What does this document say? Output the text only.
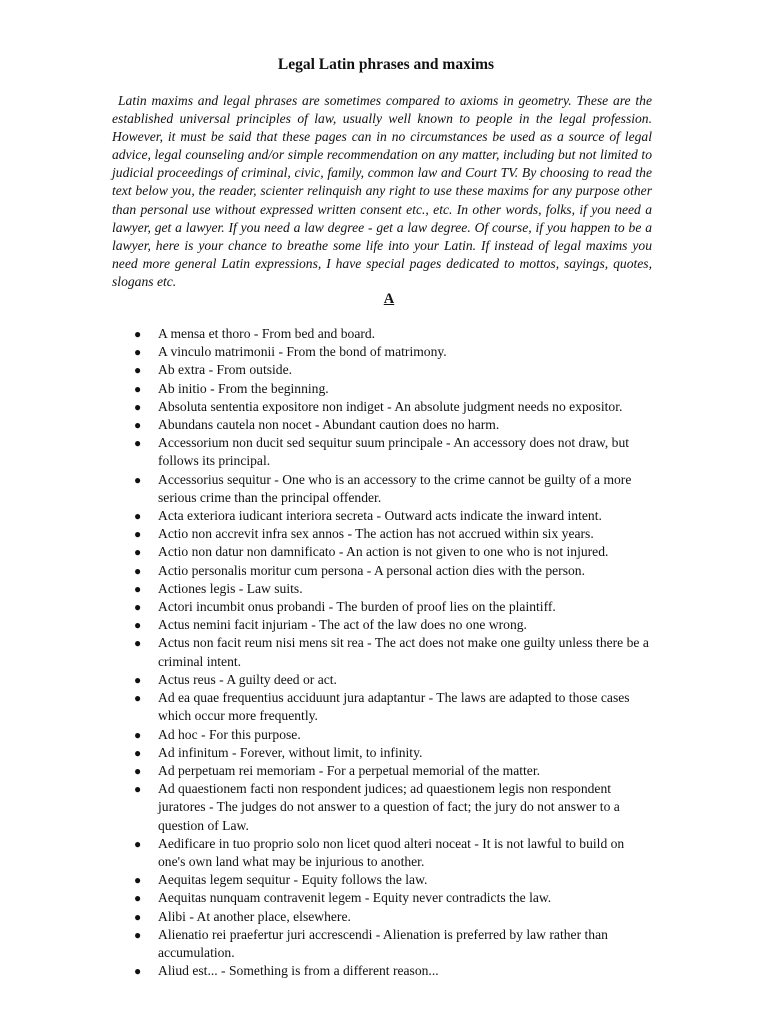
Legal Latin phrases and maxims

Latin maxims and legal phrases are sometimes compared to axioms in geometry. These are the established universal principles of law, usually well known to people in the legal profession. However, it must be said that these pages can in no circumstances be used as a source of legal advice, legal counseling and/or simple recommendation on any matter, including but not limited to judicial proceedings of criminal, civic, family, common law and Court TV. By choosing to read the text below you, the reader, scienter relinquish any right to use these maxims for any purpose other than personal use without expressed written consent etc., etc. In other words, folks, if you need a lawyer, get a lawyer. If you need a law degree - get a law degree. Of course, if you happen to be a lawyer, here is your chance to breathe some life into your Latin. If instead of legal maxims you need more general Latin expressions, I have special pages dedicated to mottos, sayings, quotes, slogans etc.

A
● A mensa et thoro - From bed and board.
● A vinculo matrimonii - From the bond of matrimony.
● Ab extra - From outside.
● Ab initio - From the beginning.
● Absoluta sententia expositore non indiget - An absolute judgment needs no expositor.
● Abundans cautela non nocet - Abundant caution does no harm.
● Accessorium non ducit sed sequitur suum principale - An accessory does not draw, but follows its principal.
● Accessorius sequitur - One who is an accessory to the crime cannot be guilty of a more serious crime than the principal offender.
● Acta exteriora iudicant interiora secreta - Outward acts indicate the inward intent.
● Actio non accrevit infra sex annos - The action has not accrued within six years.
● Actio non datur non damnificato - An action is not given to one who is not injured.
● Actio personalis moritur cum persona - A personal action dies with the person.
● Actiones legis - Law suits.
● Actori incumbit onus probandi - The burden of proof lies on the plaintiff.
● Actus nemini facit injuriam - The act of the law does no one wrong.
● Actus non facit reum nisi mens sit rea - The act does not make one guilty unless there be a criminal intent.
● Actus reus - A guilty deed or act.
● Ad ea quae frequentius acciduunt jura adaptantur - The laws are adapted to those cases which occur more frequently.
● Ad hoc - For this purpose.
● Ad infinitum - Forever, without limit, to infinity.
● Ad perpetuam rei memoriam - For a perpetual memorial of the matter.
● Ad quaestionem facti non respondent judices; ad quaestionem legis non respondent juratores - The judges do not answer to a question of fact; the jury do not answer to a question of Law.
● Aedificare in tuo proprio solo non licet quod alteri noceat - It is not lawful to build on one's own land what may be injurious to another.
● Aequitas legem sequitur - Equity follows the law.
● Aequitas nunquam contravenit legem - Equity never contradicts the law.
● Alibi - At another place, elsewhere.
● Alienatio rei praefertur juri accrescendi - Alienation is preferred by law rather than accumulation.
● Aliud est... - Something is from a different reason...
